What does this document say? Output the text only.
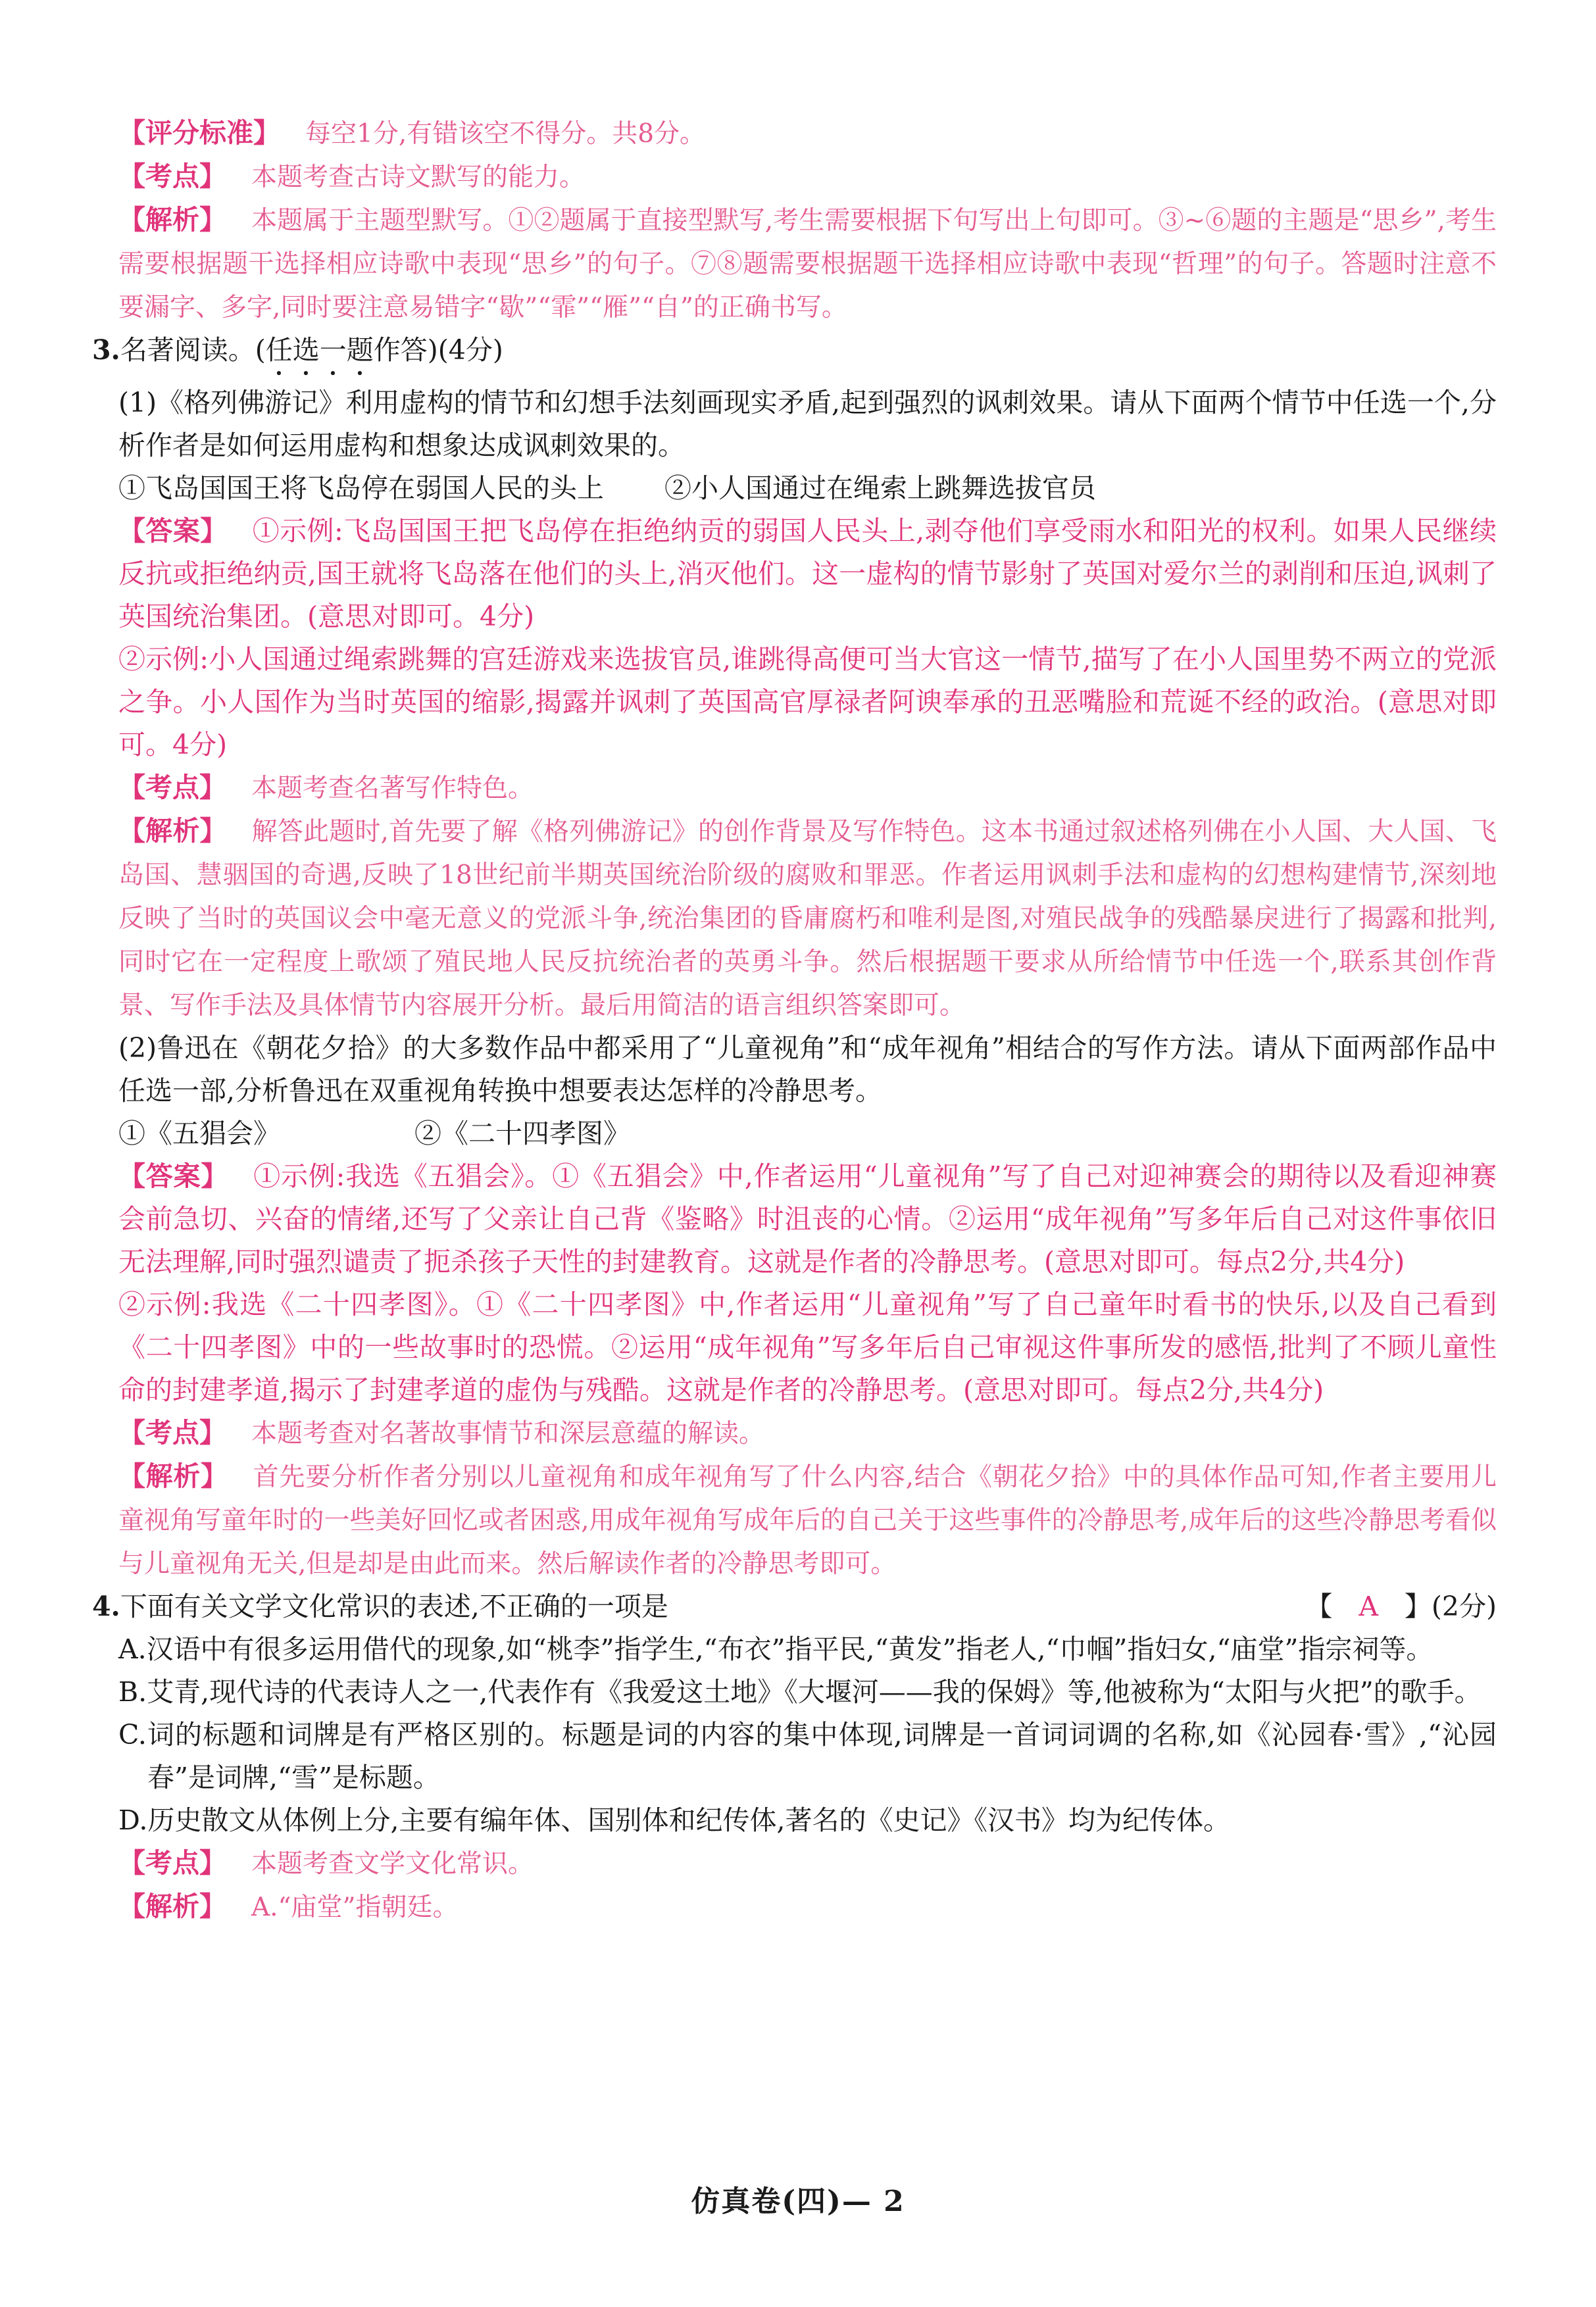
【评分标准】 每空1分,有错该空不得分。共8分。

【考点】 本题考查古诗文默写的能力。

【解析】 本题属于主题型默写。①②题属于直接型默写,考生需要根据下句写出上句即可。③~⑥题的主题是“思乡”,考生需要根据题干选择相应诗歌中表现“思乡”的句子。⑦⑧题需要根据题干选择相应诗歌中表现“哲理”的句子。答题时注意不要漏字、多字,同时要注意易错字“歇”“霏”“雁”“自”的正确书写。

3.名著阅读。(任选一题作答)(4分)

(1)《格列佛游记》利用虚构的情节和幻想手法刻画现实矛盾,起到强烈的讽刺效果。请从下面两个情节中任选一个,分析作者是如何运用虚构和想象达成讽刺效果的。

①飞岛国国王将飞岛停在弱国人民的头上	②小人国通过在绳索上跳舞选拔官员

【答案】 ①示例:飞岛国国王把飞岛停在拒绝纳贡的弱国人民头上,剥夺他们享受雨水和阳光的权利。如果人民继续反抗或拒绝纳贡,国王就将飞岛落在他们的头上,消灭他们。这一虚构的情节影射了英国对爱尔兰的剥削和压迫,讽刺了英国统治集团。(意思对即可。4分)

②示例:小人国通过绳索跳舞的宫廷游戏来选拔官员,谁跳得高便可当大官这一情节,描写了在小人国里势不两立的党派之争。小人国作为当时英国的缩影,揭露并讽刺了英国高官厚禄者阿谀奉承的丑恶嘴脸和荒诞不经的政治。(意思对即可。4分)

【考点】 本题考查名著写作特色。

【解析】 解答此题时,首先要了解《格列佛游记》的创作背景及写作特色。这本书通过叙述格列佛在小人国、大人国、飞岛国、慧骃国的奇遇,反映了18世纪前半期英国统治阶级的腐败和罪恶。作者运用讽刺手法和虚构的幻想构建情节,深刻地反映了当时的英国议会中毫无意义的党派斗争,统治集团的昏庸腐朽和唯利是图,对殖民战争的残酷暴戾进行了揭露和批判,同时它在一定程度上歌颂了殖民地人民反抗统治者的英勇斗争。然后根据题干要求从所给情节中任选一个,联系其创作背景、写作手法及具体情节内容展开分析。最后用简洁的语言组织答案即可。

(2)鲁迅在《朝花夕拾》的大多数作品中都采用了“儿童视角”和“成年视角”相结合的写作方法。请从下面两部作品中任选一部,分析鲁迅在双重视角转换中想要表达怎样的冷静思考。

①《五猖会》	②《二十四孝图》

【答案】 ①示例:我选《五猖会》。①《五猖会》中,作者运用“儿童视角”写了自己对迎神赛会的期待以及看迎神赛会前急切、兴奋的情绪,还写了父亲让自己背《鉴略》时沮丧的心情。②运用“成年视角”写多年后自己对这件事依旧无法理解,同时强烈谴责了扼杀孩子天性的封建教育。这就是作者的冷静思考。(意思对即可。每点2分,共4分)

②示例:我选《二十四孝图》。①《二十四孝图》中,作者运用“儿童视角”写了自己童年时看书的快乐,以及自己看到《二十四孝图》中的一些故事时的恐慌。②运用“成年视角”写多年后自己审视这件事所发的感悟,批判了不顾儿童性命的封建孝道,揭示了封建孝道的虚伪与残酷。这就是作者的冷静思考。(意思对即可。每点2分,共4分)

【考点】 本题考查对名著故事情节和深层意蕴的解读。

【解析】 首先要分析作者分别以儿童视角和成年视角写了什么内容,结合《朝花夕拾》中的具体作品可知,作者主要用儿童视角写童年时的一些美好回忆或者困惑,用成年视角写成年后的自己关于这些事件的冷静思考,成年后的这些冷静思考看似与儿童视角无关,但是却是由此而来。然后解读作者的冷静思考即可。

4.下面有关文学文化常识的表述,不正确的一项是	【 A 】(2分)

A.汉语中有很多运用借代的现象,如“桃李”指学生,“布衣”指平民,“黄发”指老人,“巾帼”指妇女,“庙堂”指宗祠等。

B.艾青,现代诗的代表诗人之一,代表作有《我爱这土地》《大堰河——我的保姆》等,他被称为“太阳与火把”的歌手。

C.词的标题和词牌是有严格区别的。标题是词的内容的集中体现,词牌是一首词词调的名称,如《沁园春·雪》,“沁园春”是词牌,“雪”是标题。

D.历史散文从体例上分,主要有编年体、国别体和纪传体,著名的《史记》《汉书》均为纪传体。

【考点】 本题考查文学文化常识。

【解析】 A.“庙堂”指朝廷。

仿真卷(四)— 2
